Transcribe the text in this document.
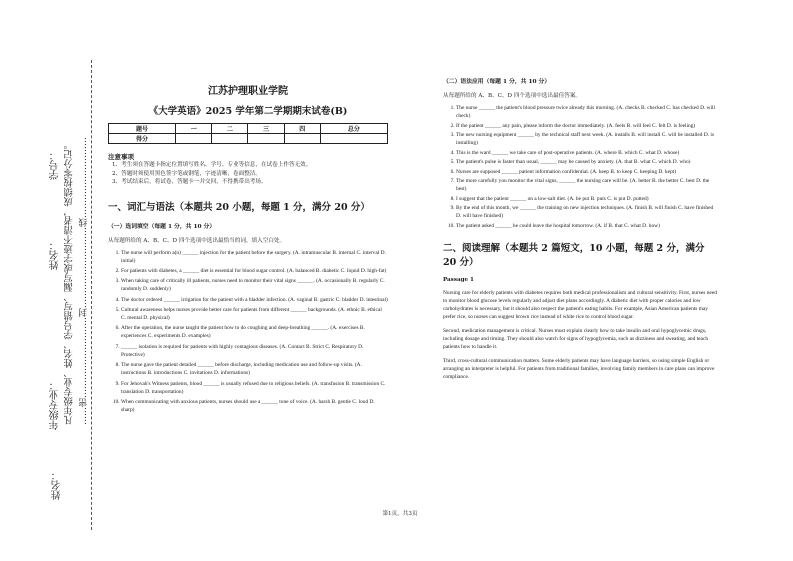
学号：
姓名：
年级专业： 凡年级专业、姓名、学号错写、漏写或字迹不清者，成绩按零分记。 ……密………………………封………………………线………………………
姓名：
江苏护理职业学院
《大学英语》2025 学年第二学期期末试卷(B)
题号	一	二	三	四	总分
得分					
注意事项
1、考生须在答题卡指定位置填写姓名、学号、专业等信息，在试卷上作答无效。
2、答题时须使用黑色签字笔或钢笔，字迹清晰，卷面整洁。
3、考试结束后，将试卷、答题卡一并交回，不得携带出考场。
一、词汇与语法（本题共 20 小题，每题 1 分，满分 20 分）
（一）选词填空（每题 1 分，共 10 分）
从每题所给的 A、B、C、D 四个选项中选出最恰当的词，填入空白处。
1. The nurse will perform a(n) ______ injection for the patient before the surgery. (A. intramuscular B. internal C. interval D. initial)
2. For patients with diabetes, a ______ diet is essential for blood sugar control. (A. balanced B. diabetic C. liquid D. high-fat)
3. When taking care of critically ill patients, nurses need to monitor their vital signs ______. (A. occasionally B. regularly C. randomly D. suddenly)
4. The doctor ordered ______ irrigation for the patient with a bladder infection. (A. vaginal B. gastric C. bladder D. intestinal)
5. Cultural awareness helps nurses provide better care for patients from different ______ backgrounds. (A. ethnic B. ethical C. mental D. physical)
6. After the operation, the nurse taught the patient how to do coughing and deep-breathing ______. (A. exercises B. experiences C. experiments D. examples)
7. ______ isolation is required for patients with highly contagious diseases. (A. Contact B. Strict C. Respiratory D. Protective)
8. The nurse gave the patient detailed ______ before discharge, including medication use and follow-up visits. (A. instructions B. introductions C. invitations D. informations)
9. For Jehovah's Witness patients, blood ______ is usually refused due to religious beliefs. (A. transfusion B. transmission C. translation D. transportation)
10. When communicating with anxious patients, nurses should use a ______ tone of voice. (A. harsh B. gentle C. loud D. sharp)
（二）语法应用（每题 1 分，共 10 分）
从每题所给的 A、B、C、D 四个选项中选出最佳答案。
1. The nurse ______ the patient's blood pressure twice already this morning. (A. checks B. checked C. has checked D. will check)
2. If the patient ______ any pain, please inform the doctor immediately. (A. feels B. will feel C. felt D. is feeling)
3. The new nursing equipment ______ by the technical staff next week. (A. installs B. will install C. will be installed D. is installing)
4. This is the ward ______ we take care of post-operative patients. (A. where B. which C. what D. whose)
5. The patient's pulse is faster than usual, ______ may be caused by anxiety. (A. that B. what C. which D. who)
6. Nurses are supposed ______ patient information confidential. (A. keep B. to keep C. keeping D. kept)
7. The more carefully you monitor the vital signs, ______ the nursing care will be. (A. better B. the better C. best D. the best)
8. I suggest that the patient ______ on a low-salt diet. (A. be put B. puts C. is put D. putted)
9. By the end of this month, we ______ the training on new injection techniques. (A. finish B. will finish C. have finished D. will have finished)
10. The patient asked ______ he could leave the hospital tomorrow. (A. if B. that C. what D. how)
二、阅读理解（本题共 2 篇短文，10 小题，每题 2 分，满分 20 分）
Passage 1
Nursing care for elderly patients with diabetes requires both medical professionalism and cultural sensitivity. First, nurses need to monitor blood glucose levels regularly and adjust diet plans accordingly. A diabetic diet with proper calories and low carbohydrates is necessary, but it should also respect the patient's eating habits. For example, Asian American patients may prefer rice, so nurses can suggest brown rice instead of white rice to control blood sugar.
Second, medication management is critical. Nurses must explain clearly how to take insulin and oral hypoglycemic drugs, including dosage and timing. They should also watch for signs of hypoglycemia, such as dizziness and sweating, and teach patients how to handle it.
Third, cross-cultural communication matters. Some elderly patients may have language barriers, so using simple English or arranging an interpreter is helpful. For patients from traditional families, involving family members in care plans can improve compliance.
第1页，共3页
